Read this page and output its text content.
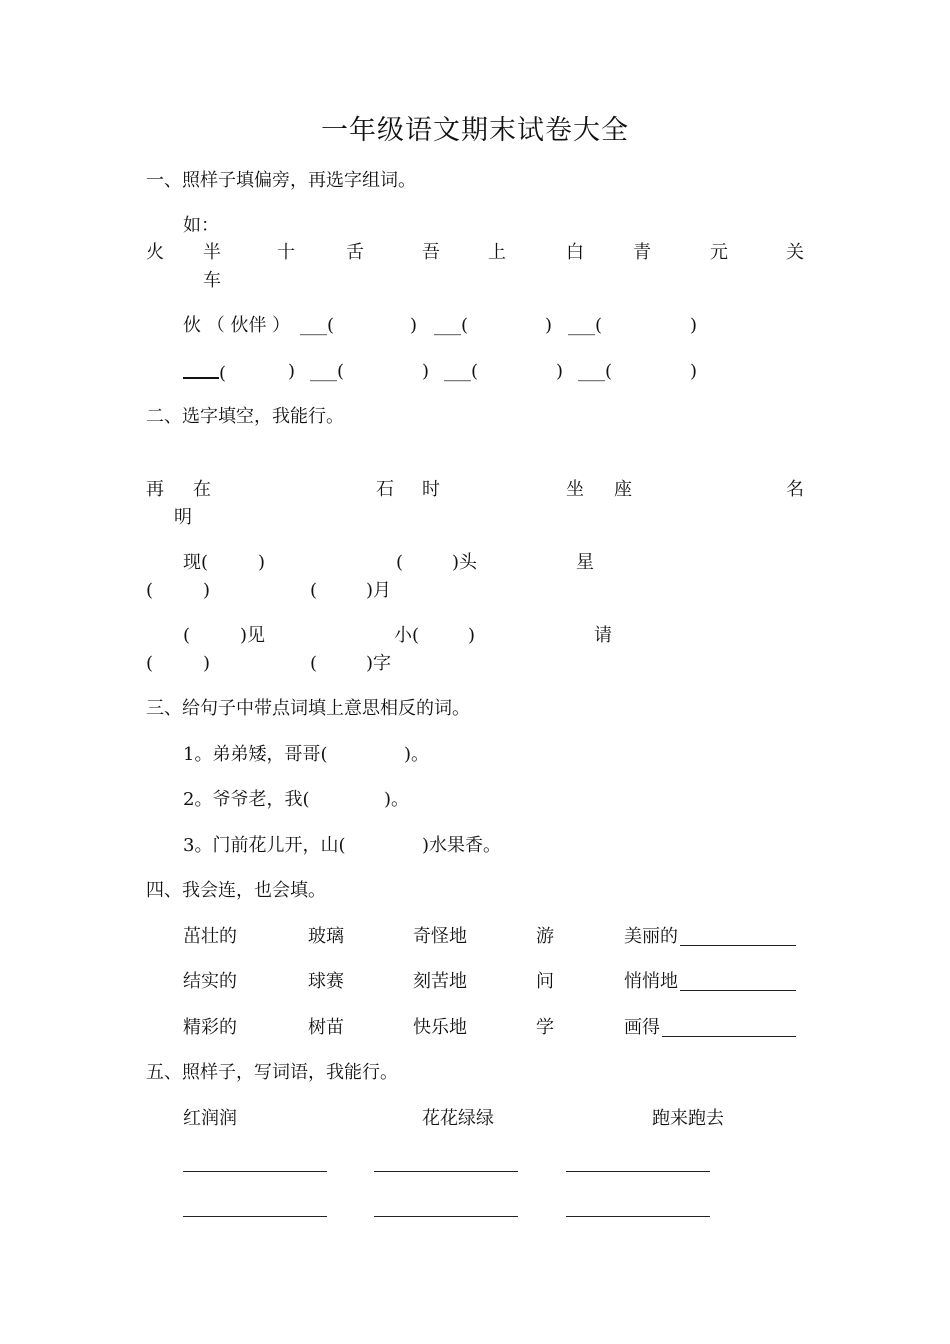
一年级语文期末试卷大全
一、照样子填偏旁，再选字组词。
如：
火 半	十	舌	吾	上	白	青	元	关
车
伙 （ 伙伴 ） ___(	) ___(	) ___(	)
(	) ___(	) ___(	) ___(	)
二、选字填空，我能行。
再 在	石 时	坐 座	名
明
现(	)	(	)头	星
(	)	(	)月
(	)见	小(	)	请
(	)	(	)字
三、给句子中带点词填上意思相反的词。
1。弟弟矮，哥哥(	)。
2。爷爷老，我(	)。
3。门前花儿开，山(	)水果香。
四、我会连，也会填。
茁壮的	玻璃	奇怪地	游	美丽的
结实的	球赛	刻苦地	问	悄悄地
精彩的	树苗	快乐地	学	画得
五、照样子，写词语，我能行。
红润润	花花绿绿	跑来跑去
